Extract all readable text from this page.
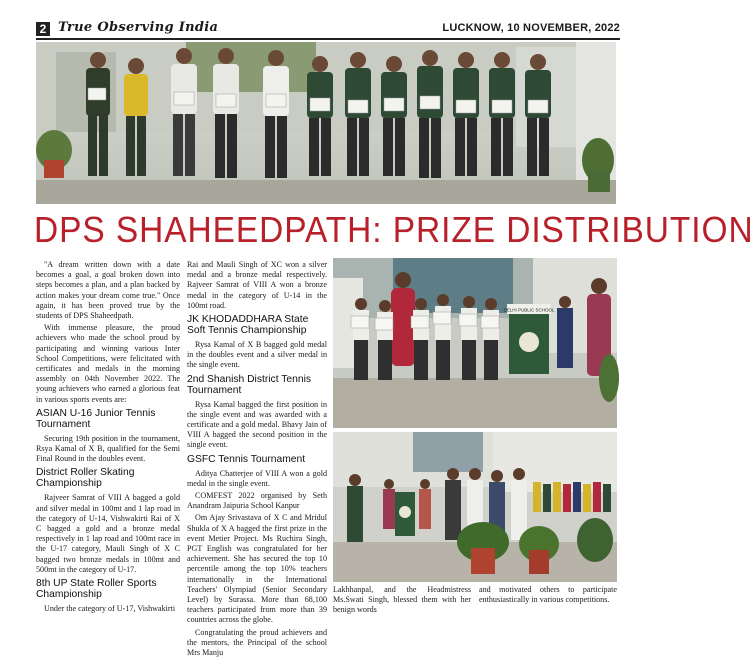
2 True Observing India	LUCKNOW, 10 NOVEMBER, 2022
DPS SHAHEEDPATH: PRIZE DISTRIBUTION

"A dream written down with a date becomes a goal, a goal broken down into steps becomes a plan, and a plan backed by action makes your dream come true." Once again, it has been proved true by the students of DPS Shaheedpath.

With immense pleasure, the proud achievers who made the school proud by participating and winning various Inter School Competitions, were felicitated with certificates and medals in the morning assembly on 04th November 2022. The young achievers who earned a glorious feat in various sports events are:

ASIAN U-16 Junior Tennis Tournament

Securing 19th position in the tournament, Rsya Kamal of X B, qualified for the Semi Final Round in the doubles event.

District Roller Skating Championship

Rajveer Samrat of VIII A bagged a gold and silver medal in 100mt and 1 lap road in the category of U-14, Vishwakirti Rai of X C bagged a gold and a bronze medal respectively in 1 lap road and 100mt race in the U-17 category, Mauli Singh of X C bagged two bronze medals in 100mt and 500mt in the category of U-17.

8th UP State Roller Sports Championship

Under the category of U-17, Vishwakirti

Rai and Mauli Singh of XC won a silver medal and a bronze medal respectively. Rajveer Samrat of VIII A won a bronze medal in the category of U-14 in the 100mt road.

JK KHODADDHARA State Soft Tennis Championship

Rysa Kamal of X B bagged gold medal in the doubles event and a silver medal in the single event.

2nd Shanish District Tennis Tournament

Rysa Kamal bagged the first position in the single event and was awarded with a certificate and a gold medal. Bhavy Jain of VIII A bagged the second position in the single event.

GSFC Tennis Tournament

Aditya Chatterjee of VIII A won a gold medal in the single event.

COMFEST 2022 organised by Seth Anandram Jaipuria School Kanpur

Om Ajay Srivastava of X C and Mridul Shukla of X A bagged the first prize in the event Metier Project. Ms Ruchira Singh, PGT English was congratulated for her achievement. She has secured the top 10 percentile among the top 10% teachers internationally in the International Teachers' Olympiad (Senior Secondary Level) by Surassa. More than 68,100 teachers participated from more than 39 countries across the globe.

Congratulating the proud achievers and the mentors, the Principal of the school Mrs Manju

DELHI PUBLIC SCHOOL
Lakhhanpal, and the Headmistress Ms.Swati Singh, blessed them with her benign words
and motivated others to participate enthusiastically in various competitions.
